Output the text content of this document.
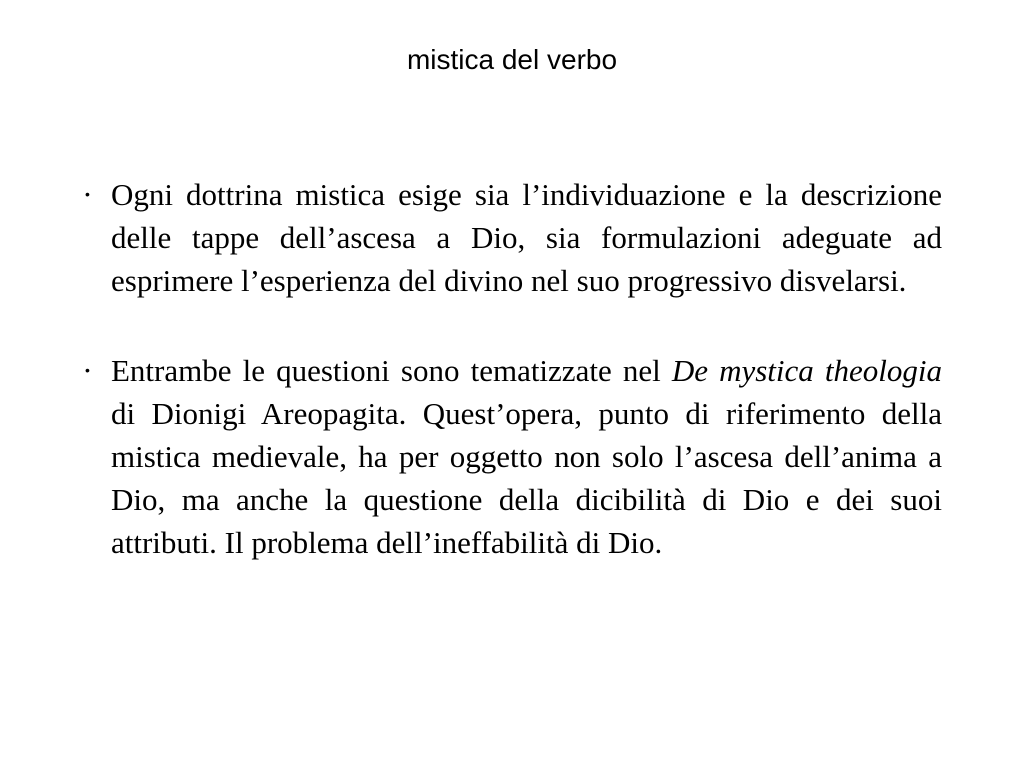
mistica del verbo
• Ogni dottrina mistica esige sia l’individuazione e la descrizione delle tappe dell’ascesa a Dio, sia formulazioni adeguate ad esprimere l’esperienza del divino nel suo progressivo disvelarsi.
• Entrambe le questioni sono tematizzate nel De mystica theologia di Dionigi Areopagita. Quest’opera, punto di riferimento della mistica medievale, ha per oggetto non solo l’ascesa dell’anima a Dio, ma anche la questione della dicibilità di Dio e dei suoi attributi. Il problema dell’ineffabilità di Dio.
